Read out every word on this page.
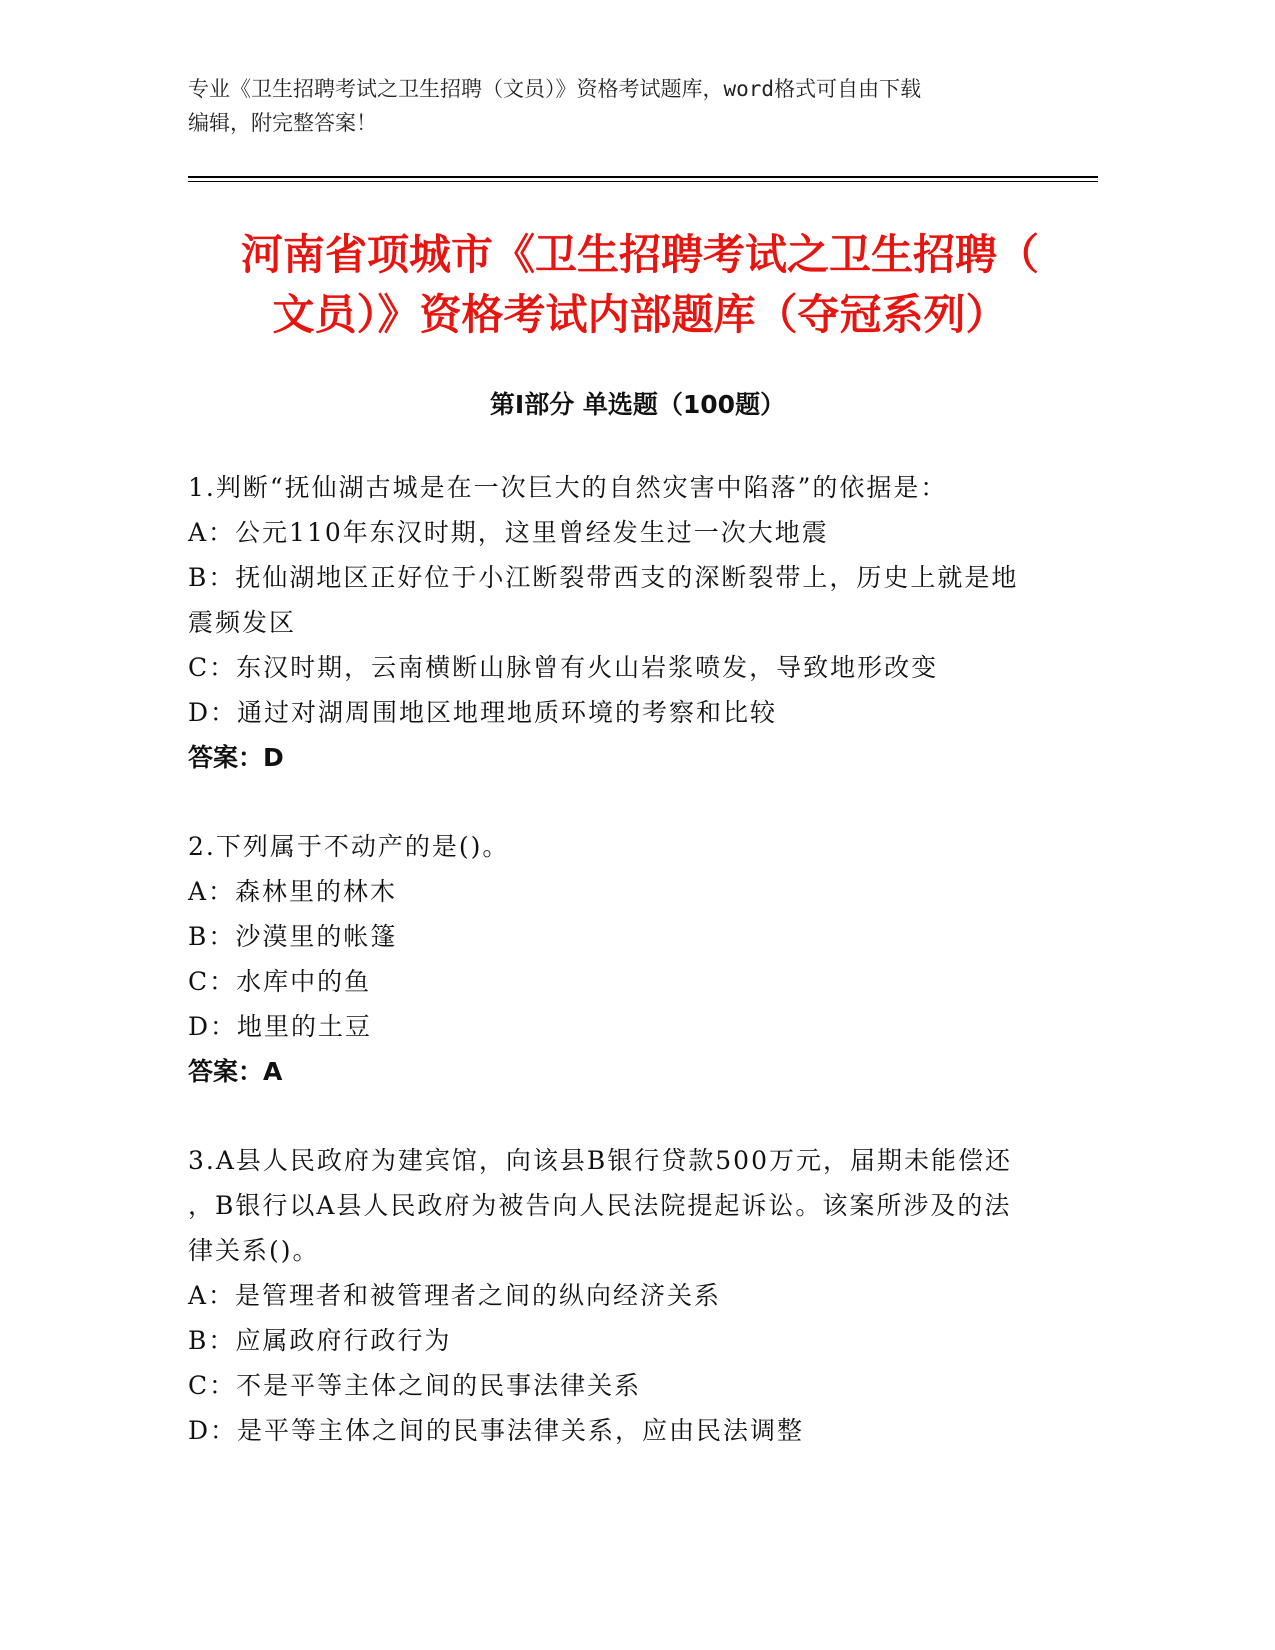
专业《卫生招聘考试之卫生招聘（文员）》资格考试题库，word格式可自由下载
编辑，附完整答案！
河南省项城市《卫生招聘考试之卫生招聘（
文员）》资格考试内部题库（夺冠系列）
第I部分 单选题（100题）
1.判断“抚仙湖古城是在一次巨大的自然灾害中陷落”的依据是：
A：公元110年东汉时期，这里曾经发生过一次大地震
B：抚仙湖地区正好位于小江断裂带西支的深断裂带上，历史上就是地
震频发区
C：东汉时期，云南横断山脉曾有火山岩浆喷发，导致地形改变
D：通过对湖周围地区地理地质环境的考察和比较
答案：D
2.下列属于不动产的是()。
A：森林里的林木
B：沙漠里的帐篷
C：水库中的鱼
D：地里的土豆
答案：A
3.A县人民政府为建宾馆，向该县B银行贷款500万元，届期未能偿还
，B银行以A县人民政府为被告向人民法院提起诉讼。该案所涉及的法
律关系()。
A：是管理者和被管理者之间的纵向经济关系
B：应属政府行政行为
C：不是平等主体之间的民事法律关系
D：是平等主体之间的民事法律关系，应由民法调整
